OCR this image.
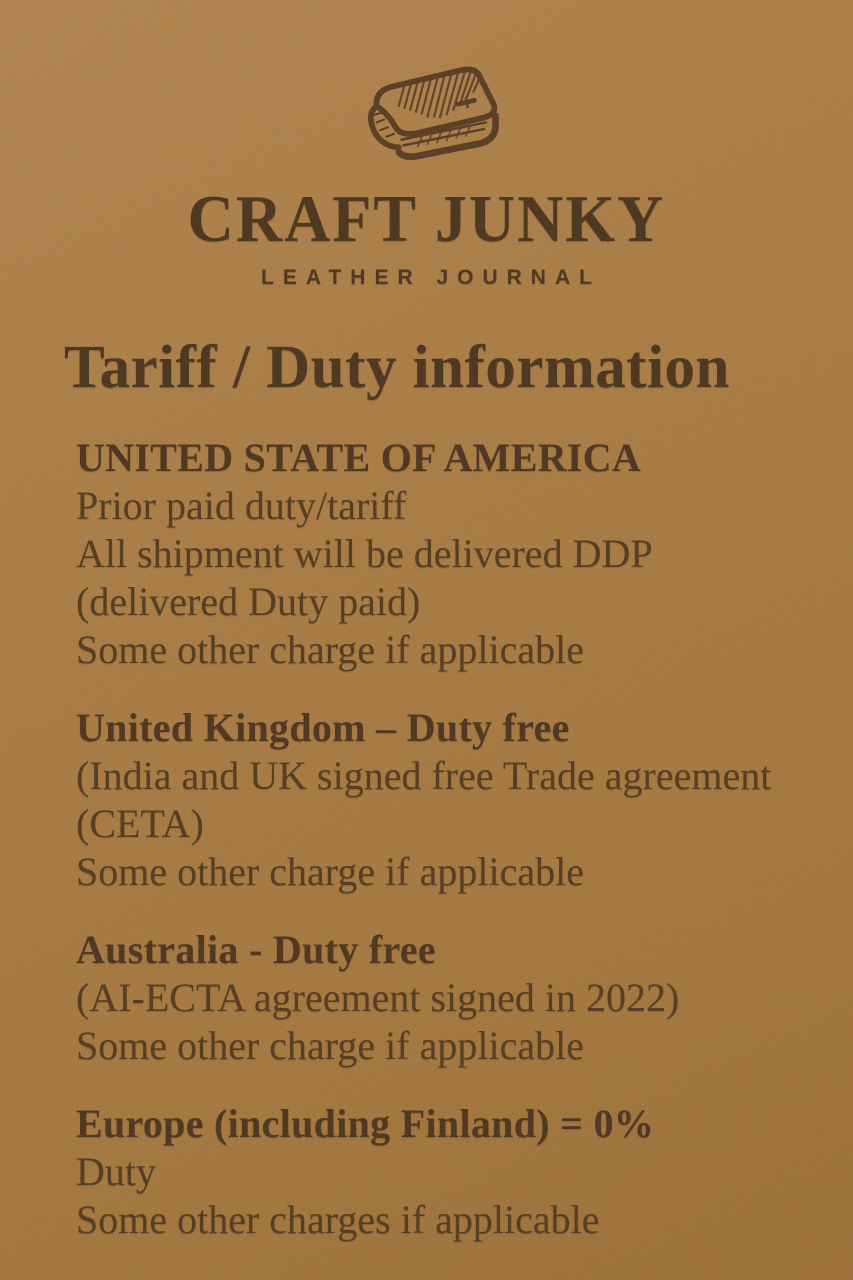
CRAFT JUNKY
LEATHER JOURNAL
Tariff / Duty information
UNITED STATE OF AMERICA

Prior paid duty/tariff

All shipment will be delivered DDP

(delivered Duty paid)

Some other charge if applicable

United Kingdom – Duty free

(India and UK signed free Trade agreement

(CETA)

Some other charge if applicable

Australia - Duty free

(AI-ECTA agreement signed in 2022)

Some other charge if applicable

Europe (including Finland) = 0%

Duty

Some other charges if applicable
